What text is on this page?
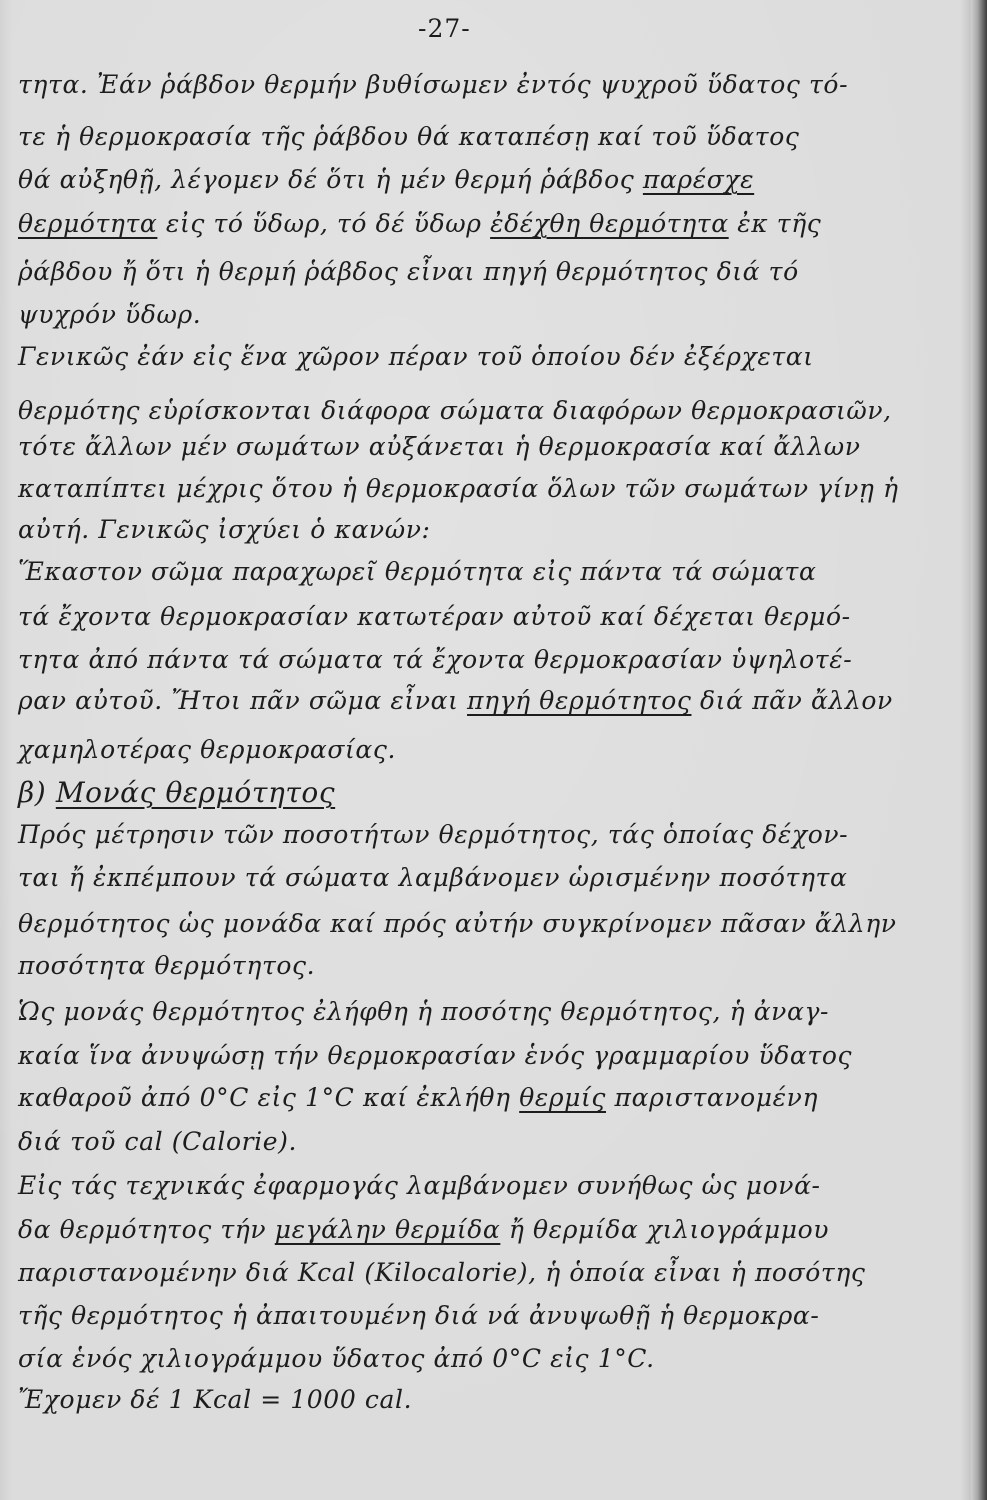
-27-
τητα. Ἐάν ῥάβδον θερμήν βυθίσωμεν ἐντός ψυχροῦ ὕδατος τό-
τε ἡ θερμοκρασία τῆς ῥάβδου θά καταπέσῃ καί τοῦ ὕδατος
θά αὐξηθῇ, λέγομεν δέ ὅτι ἡ μέν θερμή ῥάβδος παρέσχε
θερμότητα εἰς τό ὕδωρ, τό δέ ὕδωρ ἐδέχθη θερμότητα ἐκ τῆς
ῥάβδου ἤ ὅτι ἡ θερμή ῥάβδος εἶναι πηγή θερμότητος διά τό
ψυχρόν ὕδωρ.
Γενικῶς ἐάν εἰς ἕνα χῶρον πέραν τοῦ ὁποίου δέν ἐξέρχεται
θερμότης εὑρίσκονται διάφορα σώματα διαφόρων θερμοκρασιῶν,
τότε ἄλλων μέν σωμάτων αὐξάνεται ἡ θερμοκρασία καί ἄλλων
καταπίπτει μέχρις ὅτου ἡ θερμοκρασία ὅλων τῶν σωμάτων γίνῃ ἡ
αὐτή. Γενικῶς ἰσχύει ὁ κανών:
Ἕκαστον σῶμα παραχωρεῖ θερμότητα εἰς πάντα τά σώματα
τά ἔχοντα θερμοκρασίαν κατωτέραν αὐτοῦ καί δέχεται θερμό-
τητα ἀπό πάντα τά σώματα τά ἔχοντα θερμοκρασίαν ὑψηλοτέ-
ραν αὐτοῦ. Ἤτοι πᾶν σῶμα εἶναι πηγή θερμότητος διά πᾶν ἄλλον
χαμηλοτέρας θερμοκρασίας.
β) Μονάς θερμότητος
Πρός μέτρησιν τῶν ποσοτήτων θερμότητος, τάς ὁποίας δέχον-
ται ἤ ἐκπέμπουν τά σώματα λαμβάνομεν ὡρισμένην ποσότητα
θερμότητος ὡς μονάδα καί πρός αὐτήν συγκρίνομεν πᾶσαν ἄλλην
ποσότητα θερμότητος.
Ὡς μονάς θερμότητος ἐλήφθη ἡ ποσότης θερμότητος, ἡ ἀναγ-
καία ἵνα ἀνυψώσῃ τήν θερμοκρασίαν ἑνός γραμμαρίου ὕδατος
καθαροῦ ἀπό 0°C εἰς 1°C καί ἐκλήθη θερμίς παριστανομένη
διά τοῦ cal (Calorie).
Εἰς τάς τεχνικάς ἐφαρμογάς λαμβάνομεν συνήθως ὡς μονά-
δα θερμότητος τήν μεγάλην θερμίδα ἤ θερμίδα χιλιογράμμου
παριστανομένην διά Kcal (Kilocalorie), ἡ ὁποία εἶναι ἡ ποσότης
τῆς θερμότητος ἡ ἀπαιτουμένη διά νά ἀνυψωθῇ ἡ θερμοκρα-
σία ἑνός χιλιογράμμου ὕδατος ἀπό 0°C εἰς 1°C.
Ἔχομεν δέ 1 Kcal = 1000 cal.
